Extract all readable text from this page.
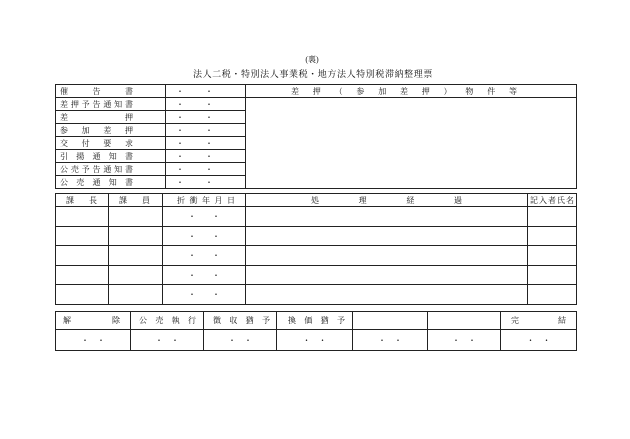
(裏)
法人二税・特別法人事業税・地方法人特別税滞納整理票
催告書	・ ・	差押（参加差押）物件等
差押予告通知書	・ ・	
差押	・ ・	
参加差押	・ ・	
交付要求	・ ・	
引揚通知書	・ ・	
公売予告通知書	・ ・	
公売通知書	・ ・	
課長	課員	折衝年月日	処理経過	記入者氏名
		・ ・		
		・ ・		
		・ ・		
		・ ・		
		・ ・		
解除	公売執行	徴収猶予	換価猶予			完結
・ ・	・ ・	・ ・	・ ・	・ ・	・ ・	・ ・
